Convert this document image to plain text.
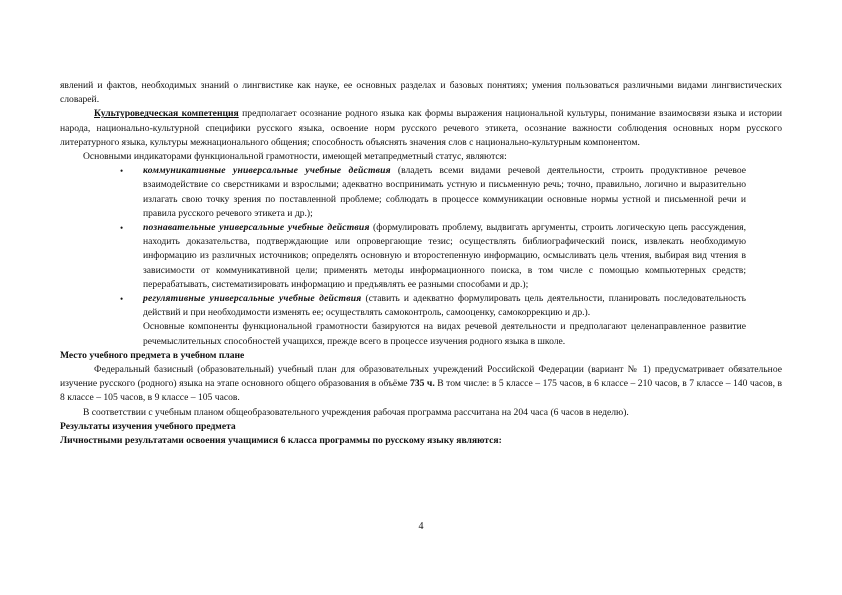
явлений и фактов, необходимых знаний о лингвистике как науке, ее основных разделах и базовых понятиях; умения пользоваться различными видами лингвистических словарей.

Культуроведческая компетенция предполагает осознание родного языка как формы выражения национальной культуры, понимание взаимосвязи языка и истории народа, национально-культурной специфики русского языка, освоение норм русского речевого этикета, осознание важности соблюдения основных норм русского литературного языка, культуры межнационального общения; способность объяснять значения слов с национально-культурным компонентом.

Основными индикаторами функциональной грамотности, имеющей метапредметный статус, являются:

• коммуникативные универсальные учебные действия (владеть всеми видами речевой деятельности, строить продуктивное речевое взаимодействие со сверстниками и взрослыми; адекватно воспринимать устную и письменную речь; точно, правильно, логично и выразительно излагать свою точку зрения по поставленной проблеме; соблюдать в процессе коммуникации основные нормы устной и письменной речи и правила русского речевого этикета и др.);
• познавательные универсальные учебные действия (формулировать проблему, выдвигать аргументы, строить логическую цепь рассуждения, находить доказательства, подтверждающие или опровергающие тезис; осуществлять библиографический поиск, извлекать необходимую информацию из различных источников; определять основную и второстепенную информацию, осмысливать цель чтения, выбирая вид чтения в зависимости от коммуникативной цели; применять методы информационного поиска, в том числе с помощью компьютерных средств; перерабатывать, систематизировать информацию и предъявлять ее разными способами и др.);
• регулятивные универсальные учебные действия (ставить и адекватно формулировать цель деятельности, планировать последовательность действий и при необходимости изменять ее; осуществлять самоконтроль, самооценку, самокоррекцию и др.).

Основные компоненты функциональной грамотности базируются на видах речевой деятельности и предполагают целенаправленное развитие речемыслительных способностей учащихся, прежде всего в процессе изучения родного языка в школе.

Место учебного предмета в учебном плане

Федеральный базисный (образовательный) учебный план для образовательных учреждений Российской Федерации (вариант № 1) предусматривает обязательное изучение русского (родного) языка на этапе основного общего образования в объёме 735 ч. В том числе: в 5 классе – 175 часов, в 6 классе – 210 часов, в 7 классе – 140 часов, в 8 классе – 105 часов, в 9 классе – 105 часов.

В соответствии с учебным планом общеобразовательного учреждения рабочая программа рассчитана на 204 часа (6 часов в неделю).

Результаты изучения учебного предмета

Личностными результатами освоения учащимися 6 класса программы по русскому языку являются:

4
